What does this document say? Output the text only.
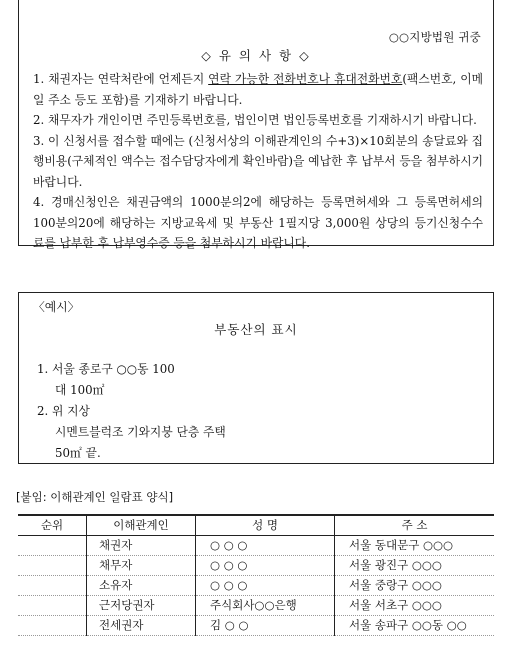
○○지방법원 귀중
◇ 유 의 사 항 ◇

1. 채권자는 연락처란에 언제든지 연락 가능한 전화번호나 휴대전화번호(팩스번호, 이메일 주소 등도 포함)를 기재하기 바랍니다.

2. 채무자가 개인이면 주민등록번호를, 법인이면 법인등록번호를 기재하시기 바랍니다.

3. 이 신청서를 접수할 때에는 (신청서상의 이해관계인의 수+3)×10회분의 송달료와 집행비용(구체적인 액수는 접수담당자에게 확인바람)을 예납한 후 납부서 등을 첨부하시기 바랍니다.

4. 경매신청인은 채권금액의 1000분의2에 해당하는 등록면허세와 그 등록면허세의 100분의20에 해당하는 지방교육세 및 부동산 1필지당 3,000원 상당의 등기신청수수료를 납부한 후 납부영수증 등을 첨부하시기 바랍니다.

〈예시〉
부동산의 표시
1. 서울 종로구 ○○동 100
대 100㎡
2. 위 지상
시멘트블럭조 기와지붕 단층 주택
50㎡ 끝.
[붙임: 이해관계인 일람표 양식]
순위	이해관계인	성 명	주 소
	채권자	○ ○ ○	서울 동대문구 ○○○
	채무자	○ ○ ○	서울 광진구 ○○○
	소유자	○ ○ ○	서울 중랑구 ○○○
	근저당권자	주식회사○○은행	서울 서초구 ○○○
	전세권자	김 ○ ○	서울 송파구 ○○동 ○○
